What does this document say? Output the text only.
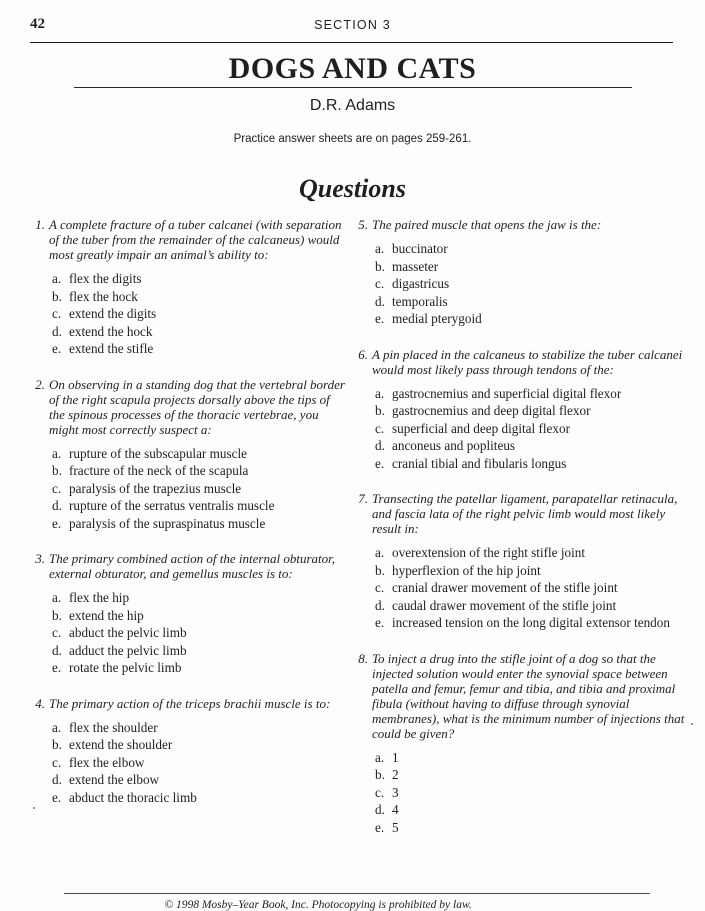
42	SECTION 3
DOGS AND CATS
D.R. Adams
Practice answer sheets are on pages 259-261.
Questions
1. A complete fracture of a tuber calcanei (with separation of the tuber from the remainder of the calcaneus) would most greatly impair an animal’s ability to:
a. flex the digits
b. flex the hock
c. extend the digits
d. extend the hock
e. extend the stifle
2. On observing in a standing dog that the vertebral border of the right scapula projects dorsally above the tips of the spinous processes of the thoracic vertebrae, you might most correctly suspect a:
a. rupture of the subscapular muscle
b. fracture of the neck of the scapula
c. paralysis of the trapezius muscle
d. rupture of the serratus ventralis muscle
e. paralysis of the supraspinatus muscle
3. The primary combined action of the internal obturator, external obturator, and gemellus muscles is to:
a. flex the hip
b. extend the hip
c. abduct the pelvic limb
d. adduct the pelvic limb
e. rotate the pelvic limb
4. The primary action of the triceps brachii muscle is to:
a. flex the shoulder
b. extend the shoulder
c. flex the elbow
d. extend the elbow
e. abduct the thoracic limb
5. The paired muscle that opens the jaw is the:
a. buccinator
b. masseter
c. digastricus
d. temporalis
e. medial pterygoid
6. A pin placed in the calcaneus to stabilize the tuber calcanei would most likely pass through tendons of the:
a. gastrocnemius and superficial digital flexor
b. gastrocnemius and deep digital flexor
c. superficial and deep digital flexor
d. anconeus and popliteus
e. cranial tibial and fibularis longus
7. Transecting the patellar ligament, parapatellar retinacula, and fascia lata of the right pelvic limb would most likely result in:
a. overextension of the right stifle joint
b. hyperflexion of the hip joint
c. cranial drawer movement of the stifle joint
d. caudal drawer movement of the stifle joint
e. increased tension on the long digital extensor tendon
8. To inject a drug into the stifle joint of a dog so that the injected solution would enter the synovial space between patella and femur, femur and tibia, and tibia and proximal fibula (without having to diffuse through synovial membranes), what is the minimum number of injections that could be given?
a. 1
b. 2
c. 3
d. 4
e. 5
© 1998 Mosby–Year Book, Inc. Photocopying is prohibited by law.
